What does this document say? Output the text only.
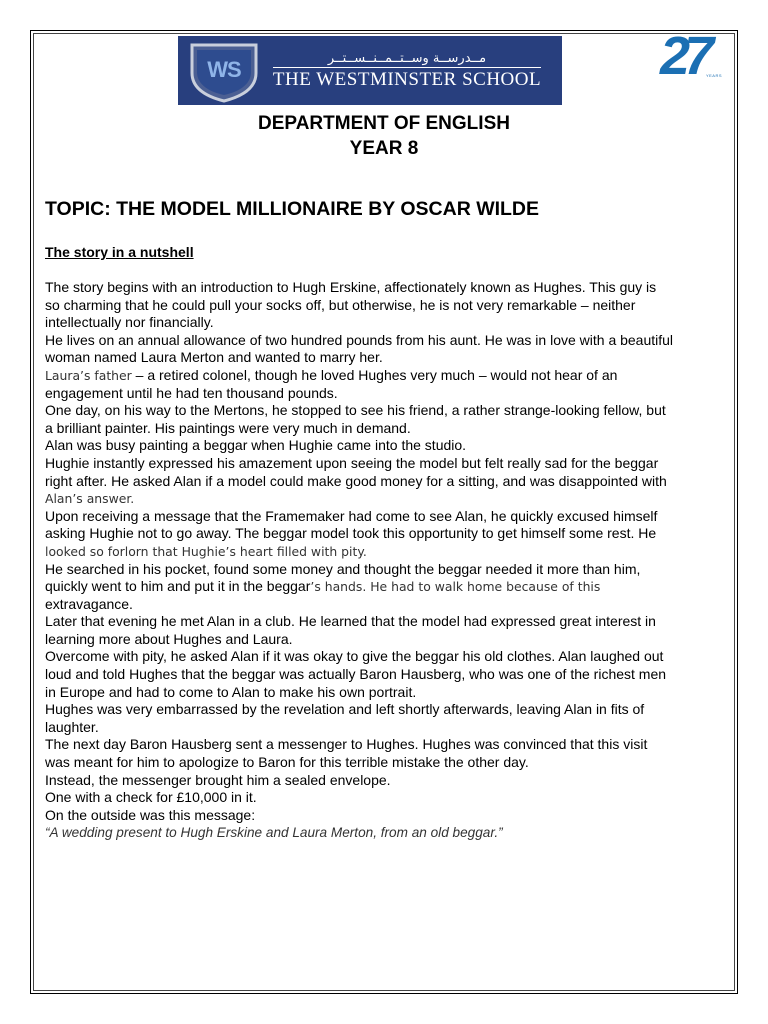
WS	مــدرســة وســتــمــنــســتــر
THE WESTMINSTER SCHOOL 27
YEARS
DEPARTMENT OF ENGLISH
YEAR 8
TOPIC: THE MODEL MILLIONAIRE BY OSCAR WILDE
The story in a nutshell
The story begins with an introduction to Hugh Erskine, affectionately known as Hughes. This guy is
so charming that he could pull your socks off, but otherwise, he is not very remarkable – neither
intellectually nor financially.
He lives on an annual allowance of two hundred pounds from his aunt. He was in love with a beautiful
woman named Laura Merton and wanted to marry her.
Laura’s father – a retired colonel, though he loved Hughes very much – would not hear of an
engagement until he had ten thousand pounds.
One day, on his way to the Mertons, he stopped to see his friend, a rather strange-looking fellow, but
a brilliant painter. His paintings were very much in demand.
Alan was busy painting a beggar when Hughie came into the studio.
Hughie instantly expressed his amazement upon seeing the model but felt really sad for the beggar
right after. He asked Alan if a model could make good money for a sitting, and was disappointed with
Alan’s answer.
Upon receiving a message that the Framemaker had come to see Alan, he quickly excused himself
asking Hughie not to go away. The beggar model took this opportunity to get himself some rest. He
looked so forlorn that Hughie’s heart filled with pity.
He searched in his pocket, found some money and thought the beggar needed it more than him,
quickly went to him and put it in the beggar’s hands. He had to walk home because of this
extravagance.
Later that evening he met Alan in a club. He learned that the model had expressed great interest in
learning more about Hughes and Laura.
Overcome with pity, he asked Alan if it was okay to give the beggar his old clothes. Alan laughed out
loud and told Hughes that the beggar was actually Baron Hausberg, who was one of the richest men
in Europe and had to come to Alan to make his own portrait.
Hughes was very embarrassed by the revelation and left shortly afterwards, leaving Alan in fits of
laughter.
The next day Baron Hausberg sent a messenger to Hughes. Hughes was convinced that this visit
was meant for him to apologize to Baron for this terrible mistake the other day.
Instead, the messenger brought him a sealed envelope.
One with a check for £10,000 in it.
On the outside was this message:
“A wedding present to Hugh Erskine and Laura Merton, from an old beggar.”
